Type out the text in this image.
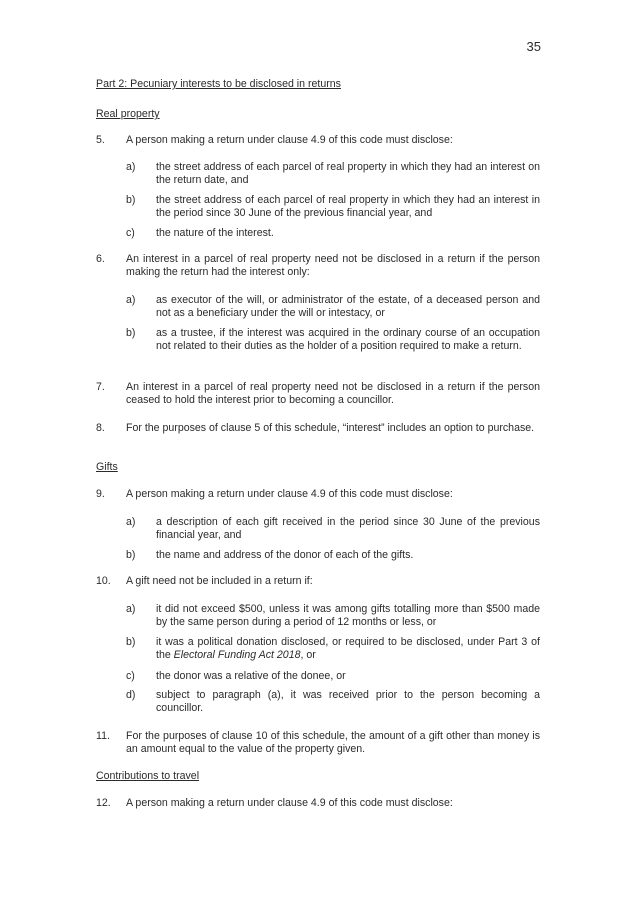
35
Part 2: Pecuniary interests to be disclosed in returns
Real property
5. A person making a return under clause 4.9 of this code must disclose:
a) the street address of each parcel of real property in which they had an interest on the return date, and
b) the street address of each parcel of real property in which they had an interest in the period since 30 June of the previous financial year, and
c) the nature of the interest.
6. An interest in a parcel of real property need not be disclosed in a return if the person making the return had the interest only:
a) as executor of the will, or administrator of the estate, of a deceased person and not as a beneficiary under the will or intestacy, or
b) as a trustee, if the interest was acquired in the ordinary course of an occupation not related to their duties as the holder of a position required to make a return.
7. An interest in a parcel of real property need not be disclosed in a return if the person ceased to hold the interest prior to becoming a councillor.
8. For the purposes of clause 5 of this schedule, “interest” includes an option to purchase.
Gifts
9. A person making a return under clause 4.9 of this code must disclose:
a) a description of each gift received in the period since 30 June of the previous financial year, and
b) the name and address of the donor of each of the gifts.
10. A gift need not be included in a return if:
a) it did not exceed $500, unless it was among gifts totalling more than $500 made by the same person during a period of 12 months or less, or
b) it was a political donation disclosed, or required to be disclosed, under Part 3 of the Electoral Funding Act 2018, or
c) the donor was a relative of the donee, or
d) subject to paragraph (a), it was received prior to the person becoming a councillor.
11. For the purposes of clause 10 of this schedule, the amount of a gift other than money is an amount equal to the value of the property given.
Contributions to travel
12. A person making a return under clause 4.9 of this code must disclose:
